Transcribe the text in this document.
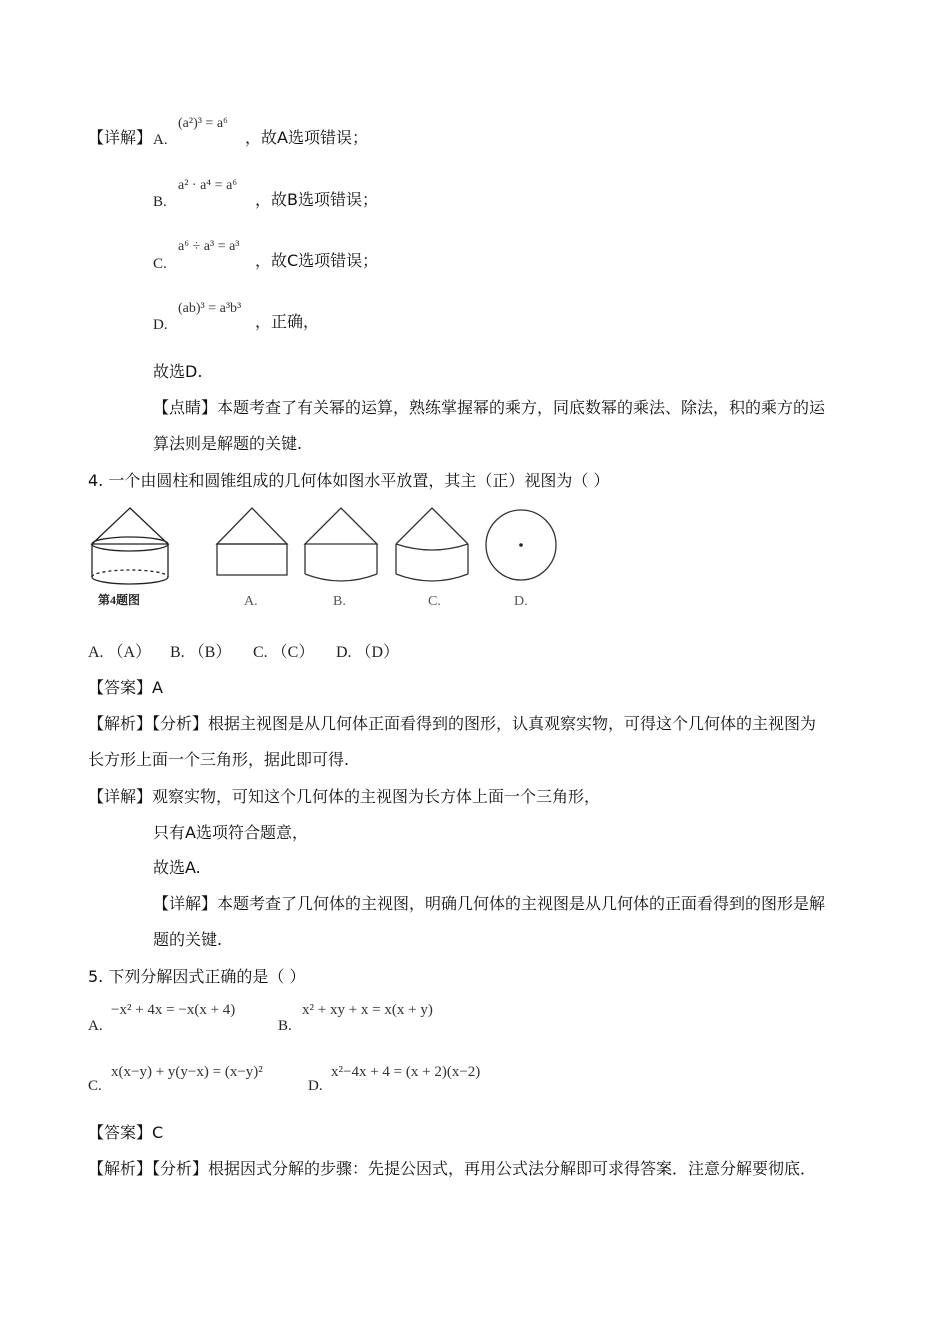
【详解】 A.
(a²)³ = a⁶
，故A选项错误；
B.
a² · a⁴ = a⁶
，故B选项错误；
C.
a⁶ ÷ a³ = a³
，故C选项错误；
D.
(ab)³ = a³b³
，正确，
故选D.
【点睛】本题考查了有关幂的运算，熟练掌握幂的乘方，同底数幂的乘法、除法，积的乘方的运
算法则是解题的关键.
4. 一个由圆柱和圆锥组成的几何体如图水平放置，其主（正）视图为（ ）
第4题图	A.	B.	C.	D.
A. （A） B. （B） C. （C） D. （D）
【答案】A
【解析】【分析】根据主视图是从几何体正面看得到的图形，认真观察实物，可得这个几何体的主视图为
长方形上面一个三角形，据此即可得.
【详解】观察实物，可知这个几何体的主视图为长方体上面一个三角形，
只有A选项符合题意，
故选A.
【详解】本题考查了几何体的主视图，明确几何体的主视图是从几何体的正面看得到的图形是解
题的关键.
5. 下列分解因式正确的是（ ）
A.
−x² + 4x = −x(x + 4)
B.
x² + xy + x = x(x + y)
C.
x(x−y) + y(y−x) = (x−y)²
D.
x²−4x + 4 = (x + 2)(x−2)
【答案】C
【解析】【分析】根据因式分解的步骤：先提公因式，再用公式法分解即可求得答案．注意分解要彻底．
